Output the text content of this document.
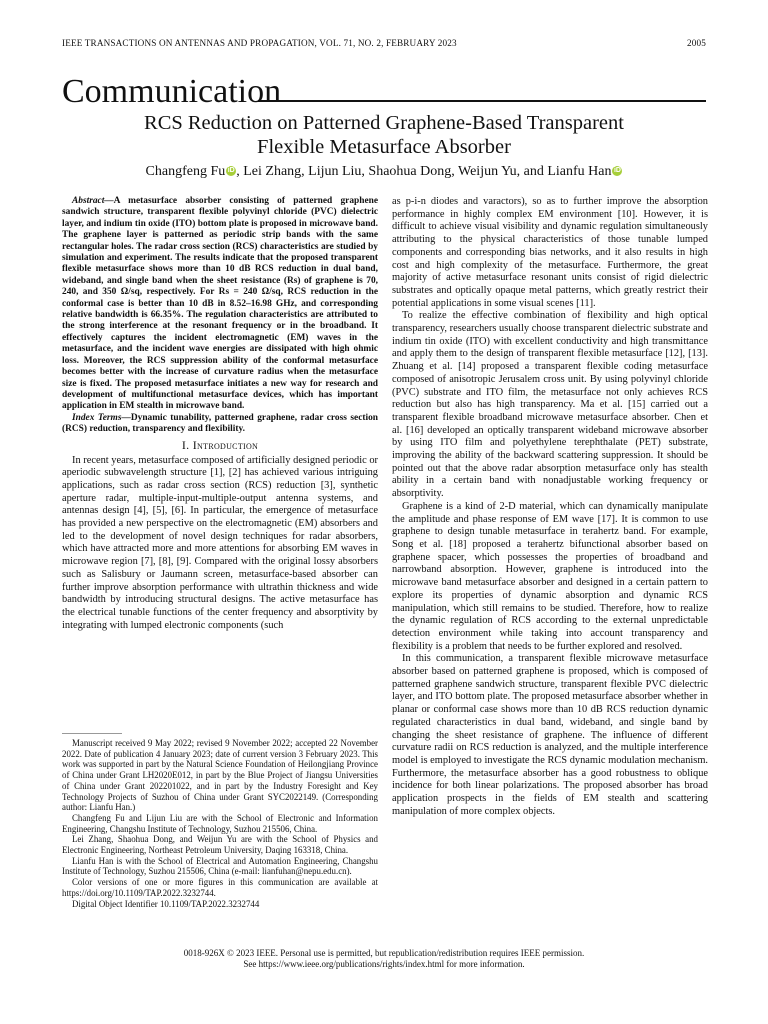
IEEE TRANSACTIONS ON ANTENNAS AND PROPAGATION, VOL. 71, NO. 2, FEBRUARY 2023	2005
Communication
RCS Reduction on Patterned Graphene-Based Transparent
Flexible Metasurface Absorber
Changfeng Fu iD , Lei Zhang, Lijun Liu, Shaohua Dong, Weijun Yu, and Lianfu Han iD

Abstract—A metasurface absorber consisting of patterned graphene sandwich structure, transparent flexible polyvinyl chloride (PVC) dielectric layer, and indium tin oxide (ITO) bottom plate is proposed in microwave band. The graphene layer is patterned as periodic strip bands with the same rectangular holes. The radar cross section (RCS) characteristics are studied by simulation and experiment. The results indicate that the proposed transparent flexible metasurface shows more than 10 dB RCS reduction in dual band, wideband, and single band when the sheet resistance (Rs) of graphene is 70, 240, and 350 Ω/sq, respectively. For Rs = 240 Ω/sq, RCS reduction in the conformal case is better than 10 dB in 8.52–16.98 GHz, and corresponding relative bandwidth is 66.35%. The regulation characteristics are attributed to the strong interference at the resonant frequency or in the broadband. It effectively captures the incident electromagnetic (EM) waves in the metasurface, and the incident wave energies are dissipated with high ohmic loss. Moreover, the RCS suppression ability of the conformal metasurface becomes better with the increase of curvature radius when the metasurface size is fixed. The proposed metasurface initiates a new way for research and development of multifunctional metasurface devices, which has important application in EM stealth in microwave band.

Index Terms—Dynamic tunability, patterned graphene, radar cross section (RCS) reduction, transparency and flexibility.

I. Introduction

In recent years, metasurface composed of artificially designed periodic or aperiodic subwavelength structure [1], [2] has achieved various intriguing applications, such as radar cross section (RCS) reduction [3], synthetic aperture radar, multiple-input-multiple-output antenna systems, and antennas design [4], [5], [6]. In particular, the emergence of metasurface has provided a new perspective on the electromagnetic (EM) absorbers and led to the development of novel design techniques for radar absorbers, which have attracted more and more attentions for absorbing EM waves in microwave region [7], [8], [9]. Compared with the original lossy absorbers such as Salisbury or Jaumann screen, metasurface-based absorber can further improve absorption performance with ultrathin thickness and wide bandwidth by introducing structural designs. The active metasurface has the electrical tunable functions of the center frequency and absorptivity by integrating with lumped electronic components (such

Manuscript received 9 May 2022; revised 9 November 2022; accepted 22 November 2022. Date of publication 4 January 2023; date of current version 3 February 2023. This work was supported in part by the Natural Science Foundation of Heilongjiang Province of China under Grant LH2020E012, in part by the Blue Project of Jiangsu Universities of China under Grant 202201022, and in part by the Industry Foresight and Key Technology Projects of Suzhou of China under Grant SYC2022149. (Corresponding author: Lianfu Han.)

Changfeng Fu and Lijun Liu are with the School of Electronic and Information Engineering, Changshu Institute of Technology, Suzhou 215506, China.

Lei Zhang, Shaohua Dong, and Weijun Yu are with the School of Physics and Electronic Engineering, Northeast Petroleum University, Daqing 163318, China.

Lianfu Han is with the School of Electrical and Automation Engineering, Changshu Institute of Technology, Suzhou 215506, China (e-mail: lianfuhan@nepu.edu.cn).

Color versions of one or more figures in this communication are available at https://doi.org/10.1109/TAP.2022.3232744.

Digital Object Identifier 10.1109/TAP.2022.3232744

as p-i-n diodes and varactors), so as to further improve the absorption performance in highly complex EM environment [10]. However, it is difficult to achieve visual visibility and dynamic regulation simultaneously attributing to the physical characteristics of those tunable lumped components and corresponding bias networks, and it also results in high cost and high complexity of the metasurface. Furthermore, the great majority of active metasurface resonant units consist of rigid dielectric substrates and optically opaque metal patterns, which greatly restrict their potential applications in some visual scenes [11].

To realize the effective combination of flexibility and high optical transparency, researchers usually choose transparent dielectric substrate and indium tin oxide (ITO) with excellent conductivity and high transmittance and apply them to the design of transparent flexible metasurface [12], [13]. Zhuang et al. [14] proposed a transparent flexible coding metasurface composed of anisotropic Jerusalem cross unit. By using polyvinyl chloride (PVC) substrate and ITO film, the metasurface not only achieves RCS reduction but also has high transparency. Ma et al. [15] carried out a transparent flexible broadband microwave metasurface absorber. Chen et al. [16] developed an optically transparent wideband microwave absorber by using ITO film and polyethylene terephthalate (PET) substrate, improving the ability of the backward scattering suppression. It should be pointed out that the above radar absorption metasurface only has stealth ability in a certain band with nonadjustable working frequency or absorptivity.

Graphene is a kind of 2-D material, which can dynamically manipulate the amplitude and phase response of EM wave [17]. It is common to use graphene to design tunable metasurface in terahertz band. For example, Song et al. [18] proposed a terahertz bifunctional absorber based on graphene spacer, which possesses the properties of broadband and narrowband absorption. However, graphene is introduced into the microwave band metasurface absorber and designed in a certain pattern to explore its properties of dynamic absorption and dynamic RCS manipulation, which still remains to be studied. Therefore, how to realize the dynamic regulation of RCS according to the external unpredictable detection environment while taking into account transparency and flexibility is a problem that needs to be further explored and resolved.

In this communication, a transparent flexible microwave metasurface absorber based on patterned graphene is proposed, which is composed of patterned graphene sandwich structure, transparent flexible PVC dielectric layer, and ITO bottom plate. The proposed metasurface absorber whether in planar or conformal case shows more than 10 dB RCS reduction dynamic regulated characteristics in dual band, wideband, and single band by changing the sheet resistance of graphene. The influence of different curvature radii on RCS reduction is analyzed, and the multiple interference model is employed to investigate the RCS dynamic modulation mechanism. Furthermore, the metasurface absorber has a good robustness to oblique incidence for both linear polarizations. The proposed absorber has broad application prospects in the fields of EM stealth and scattering manipulation of more complex objects.

0018-926X © 2023 IEEE. Personal use is permitted, but republication/redistribution requires IEEE permission.
See https://www.ieee.org/publications/rights/index.html for more information.
